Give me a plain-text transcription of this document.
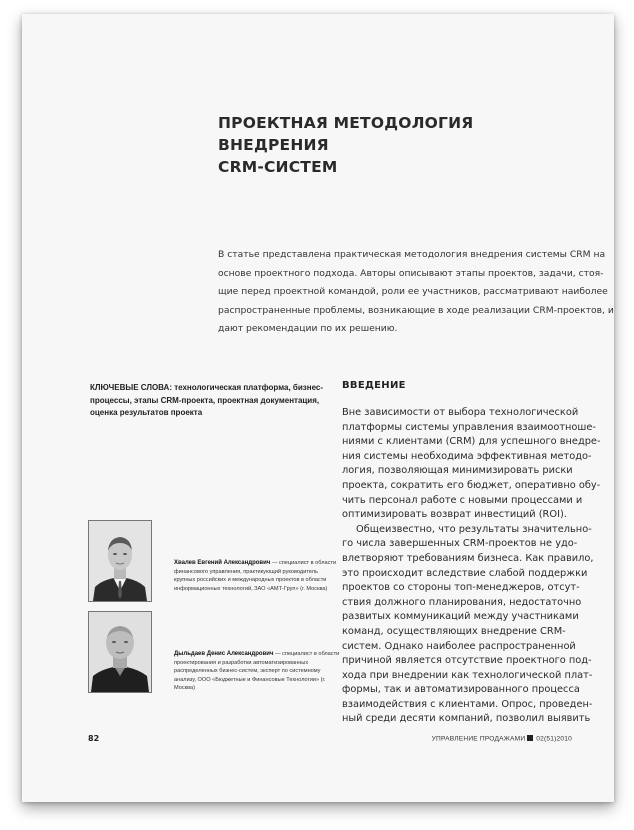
ПРОЕКТНАЯ МЕТОДОЛОГИЯ ВНЕДРЕНИЯ
CRM-СИСТЕМ
В статье представлена практическая методология внедрения системы CRM на
основе проектного подхода. Авторы описывают этапы проектов, задачи, стоя-
щие перед проектной командой, роли ее участников, рассматривают наиболее
распространенные проблемы, возникающие в ходе реализации CRM-проектов, и
дают рекомендации по их решению.
КЛЮЧЕВЫЕ СЛОВА: технологическая платформа, бизнес-процессы, этапы CRM-проекта, проектная документация, оценка результатов проекта
ВВЕДЕНИЕ
Вне зависимости от выбора технологической
платформы системы управления взаимоотноше-
ниями с клиентами (CRM) для успешного внедре-
ния системы необходима эффективная методо-
логия, позволяющая минимизировать риски
проекта, сократить его бюджет, оперативно обу-
чить персонал работе с новыми процессами и
оптимизировать возврат инвестиций (ROI).
Общеизвестно, что результаты значительно-
го числа завершенных CRM-проектов не удо-
влетворяют требованиям бизнеса. Как правило,
это происходит вследствие слабой поддержки
проектов со стороны топ-менеджеров, отсут-
ствия должного планирования, недостаточно
развитых коммуникаций между участниками
команд, осуществляющих внедрение CRM-
систем. Однако наиболее распространенной
причиной является отсутствие проектного под-
хода при внедрении как технологической плат-
формы, так и автоматизированного процесса
взаимодействия с клиентами. Опрос, проведен-
ный среди десяти компаний, позволил выявить
Хвалев Евгений Александрович — специалист в области финансового управления, практикующий руководитель крупных российских и международных проектов в области информационных технологий, ЗАО «АМТ-Груп» (г. Москва)
Дыльдаев Денис Александрович — специалист в области проектирования и разработки автоматизированных распределенных бизнес-систем, эксперт по системному анализу, ООО «Бюджетные и Финансовые Технологии» (г. Москва)
82	УПРАВЛЕНИЕ ПРОДАЖАМИ 02(51)2010
